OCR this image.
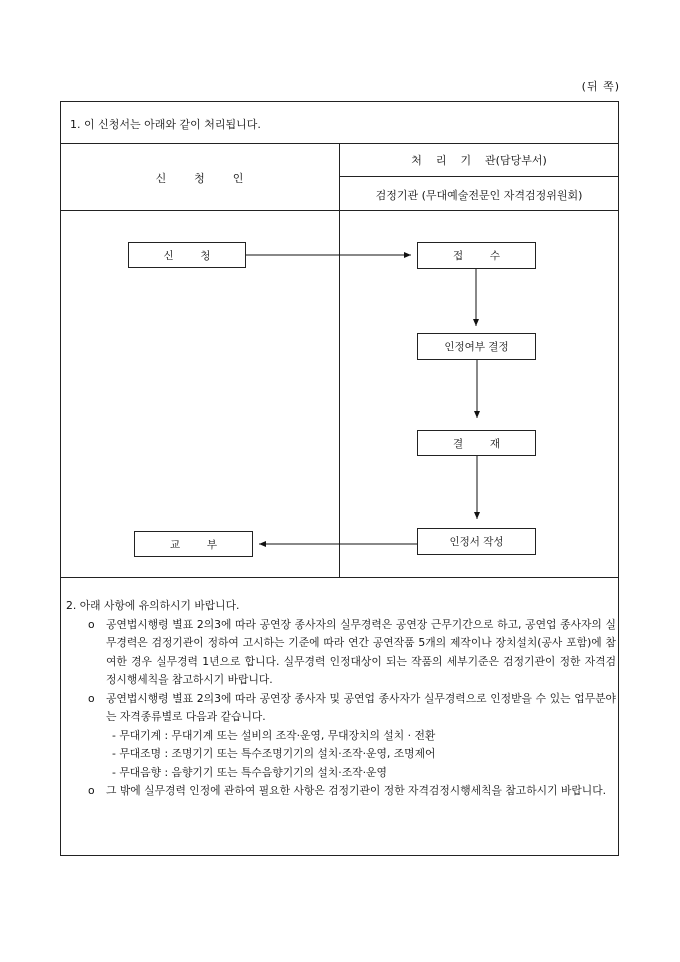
(뒤 쪽)
1. 이 신청서는 아래와 같이 처리됩니다.
신        청        인
처    리    기    관(담당부서)
검정기관 (무대예술전문인 자격검정위원회)
신        청	접        수
인정여부 결정
결        재
인정서 작성
교        부
2. 아래 사항에 유의하시기 바랍니다.
ο	공연법시행령 별표 2의3에 따라 공연장 종사자의 실무경력은 공연장 근무기간으로 하고, 공연업 종사자의 실무경력은 검정기관이 정하여 고시하는 기준에 따라 연간 공연작품 5개의 제작이나 장치설치(공사 포함)에 참여한 경우 실무경력 1년으로 합니다. 실무경력 인정대상이 되는 작품의 세부기준은 검정기관이 정한 자격검정시행세칙을 참고하시기 바랍니다.
ο	공연법시행령 별표 2의3에 따라 공연장 종사자 및 공연업 종사자가 실무경력으로 인정받을 수 있는 업무분야는 자격종류별로 다음과 같습니다.
- 무대기계 : 무대기계 또는 설비의 조작·운영, 무대장치의 설치 · 전환
- 무대조명 : 조명기기 또는 특수조명기기의 설치·조작·운영, 조명제어
- 무대음향 : 음향기기 또는 특수음향기기의 설치·조작·운영
ο	그 밖에 실무경력 인정에 관하여 필요한 사항은 검정기관이 정한 자격검정시행세칙을 참고하시기 바랍니다.
